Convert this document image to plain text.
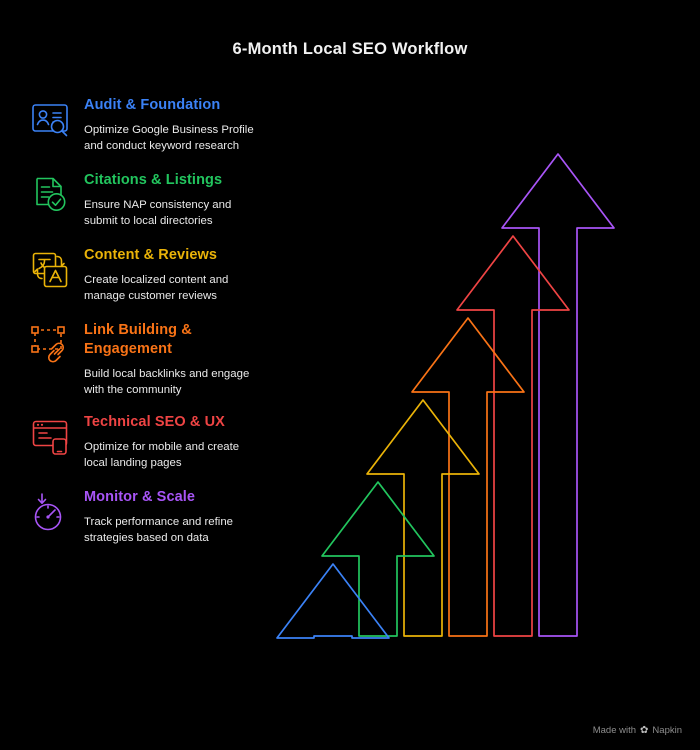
6-Month Local SEO Workflow
Audit & Foundation
Optimize Google Business Profile and conduct keyword research
Citations & Listings
Ensure NAP consistency and submit to local directories
Content & Reviews
Create localized content and manage customer reviews
Link Building & Engagement
Build local backlinks and engage with the community
Technical SEO & UX
Optimize for mobile and create local landing pages
Monitor & Scale
Track performance and refine strategies based on data
Made with ✿ Napkin
